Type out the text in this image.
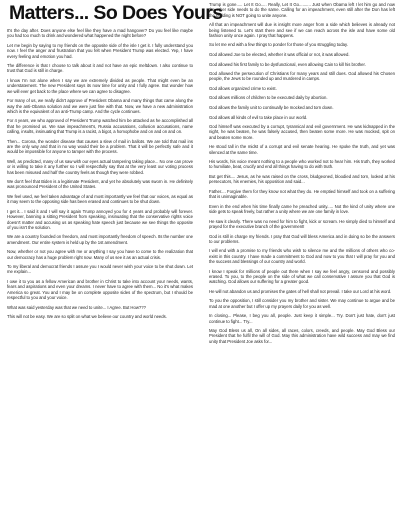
Matters... So Does Yours

It's the day after. Does anyone else feel like they have a mad hangover? Do you feel like maybe you had too much to drink and wondered what happened the night before?

Let me begin by saying to my friends on the opposite side of the isle I get it. I fully understand you now. I feel the anger and frustration that you felt when President Trump was elected. Yep, I have every feeling and emotion you had.

The difference is that I choose to talk about it and not have an epic meltdown. I also continue to trust that God is still in charge.

I know I'm not alone when I say we are extremely divided as people. That might even be an understatement. The new President says its now time for unity and I fully agree. But wonder how we will ever get back to the place where we can agree to disagree.

For many of us, we really didn't approve of President Obama and many things that came along the way the anti-Obama solution and we were just fine with that. Now, we have a new administration which is the equivalent of an anti-Trump camp. And the cycle continues.

For 4 years, we who approved of President Trump watched him be attacked as he accomplished all that he promised us. We saw impeachment's, Russia accusations, collusion accusations, name calling, insults, insinuating that Trump is a racist, a bigot, a homophobe and on and on and on.

Then... Corona, the wonder disease that causes a slew of mail in ballots. We are told that mail ins are the only way and that in no way would their be a problem. That it will be perfectly safe and it would be impossible for anyone to tamper with the process.

Well, as predicted, many of us saw with our eyes actual tampering taking place... No one can prove or is willing to take it any further so I will respectfully say that at the very least our voting process has been misused and half the country feels as though they were robbed.

We don't feel that Biden is a legitimate President, and yet he absolutely was sworn in. He definitely was pronounced President of the United States.

We feel used, we feel taken advantage of and most importantly we feel that our voices, as equal as it may seem to the opposing side has been erased and continues to be shut down.

I get it... I said it and I will say it again Trump annoyed you for 4 years and probably will forever. However, banning a sitting President from speaking, insinuating that the conservative rights voice doesn't matter and accusing us as speaking hate speech just because we see things the opposite of you isn't the solution.

We are a country founded on freedom, and most importantly freedom of speech. Its the number one amendment. Our entire system is held up by the 1st amendment.

Now, whether or not you agree with me or anything I say you have to come to the realization that our democracy has a huge problem right now. Many of us see it as an actual crisis.

To my liberal and democrat friends I assure you I would never wish your voice to be shut down. Let me explain...

I owe it to you as a fellow American and brother in Christ to take into account your needs, wants, fears and aspirations and even your dreams. I never have to agree with them... No it's what makes America so great. You and I may be on complete opposite sides of the spectrum, but I should be respectful to you and your voice.

What was said yesterday was that we need to unite... I Agree. But How???

This will not be easy. We are so split on what we believe our country and world needs.

Trump is gone..... Let It Go..... Really, Let It Go.......... Just when Obama left I let him go and now the other side needs to do the same. Calling for an impeachment, even still after the Don has left the building is NOT going to unite anyone.

All that an impeachment will due is insight more anger from a side which believes is already not being listened to. Let's start there and see if we can reach across the isle and have some old fashion unity once again. I pray that happens.

So let me end with a few things to ponder for those of you struggling today.

God allowed Joe to be elected, whether it was official or not, it was allowed.

God allowed his first family to be dysfunctional, even allowing Cain to kill his brother.

God allowed the persecution of Christians for many years and still does. God allowed his Chosen people, the Jews to be rounded up and murdered in camps.

God allows organized crime to exist.

God allows millions of children to be executed daily by abortion.

God allows the family unit to continually be mocked and torn down.

God allows all kinds of evil to take place in our world.

God himself was executed by a corrupt, tyrannical and evil government. He was kidnapped in the night, he was beaten, he was falsely accused, then beaten some more. He was mocked, spit on and beaten some more.

He stood tall in the midst of a corrupt and evil senate hearing. He spoke the truth, and yet was silenced at the same time.

His words, his voice meant nothing to a people who worked not to hear him. His truth, they worked to humiliate, beat, crucify and end all things having to do with truth.

But get this.... Jesus, as he was raised on the cross, bludgeoned, bloodied and torn, looked at his persecutors, his enemies, his opposition and said...

Father.... Forgive them for they know not what they do. He emptied himself and took on a suffering that is unimaginable.

Even in the end when his time finally came he preached unity..... Not the kind of unity where one side gets to speak freely, but rather a unity where we are one family in love.

He saw it clearly. There was no need for him to fight, kick or scream. He simply died to himself and prayed for the executive branch of the government!

God is still in charge my friends. I pray that God will bless America and in doing so be the answers to our problems.

I will end with a promise to my friends who wish to silence me and the millions of others who co-exist in this country. I have made a commitment to God and now to you that I will pray for you and the success and blessings of our country and world.

I know I speak for millions of people out there when I say we feel angry, censored and possibly erased. To you, to the people on the side of what we call conservative I assure you that God is watching. God allows our suffering for a greater good.

He will not abandon us and promises the gates of hell shall not prevail. I take our Lord at his word.

To you the opposition, I still consider you my brother and sister. We may continue to argue and be mad at one another but I offer up my prayers daily for you as well.

In closing... Please, I beg you all, people. Just keep it simple... Try. Don't just hate, don't just continue to fight... Try...

May God Bless us all, On all sides, all races, colors, creeds, and people. May God Bless our President that he fulfil the will of God. May this administration have wild success and may we find unity that President Joe asks for...
